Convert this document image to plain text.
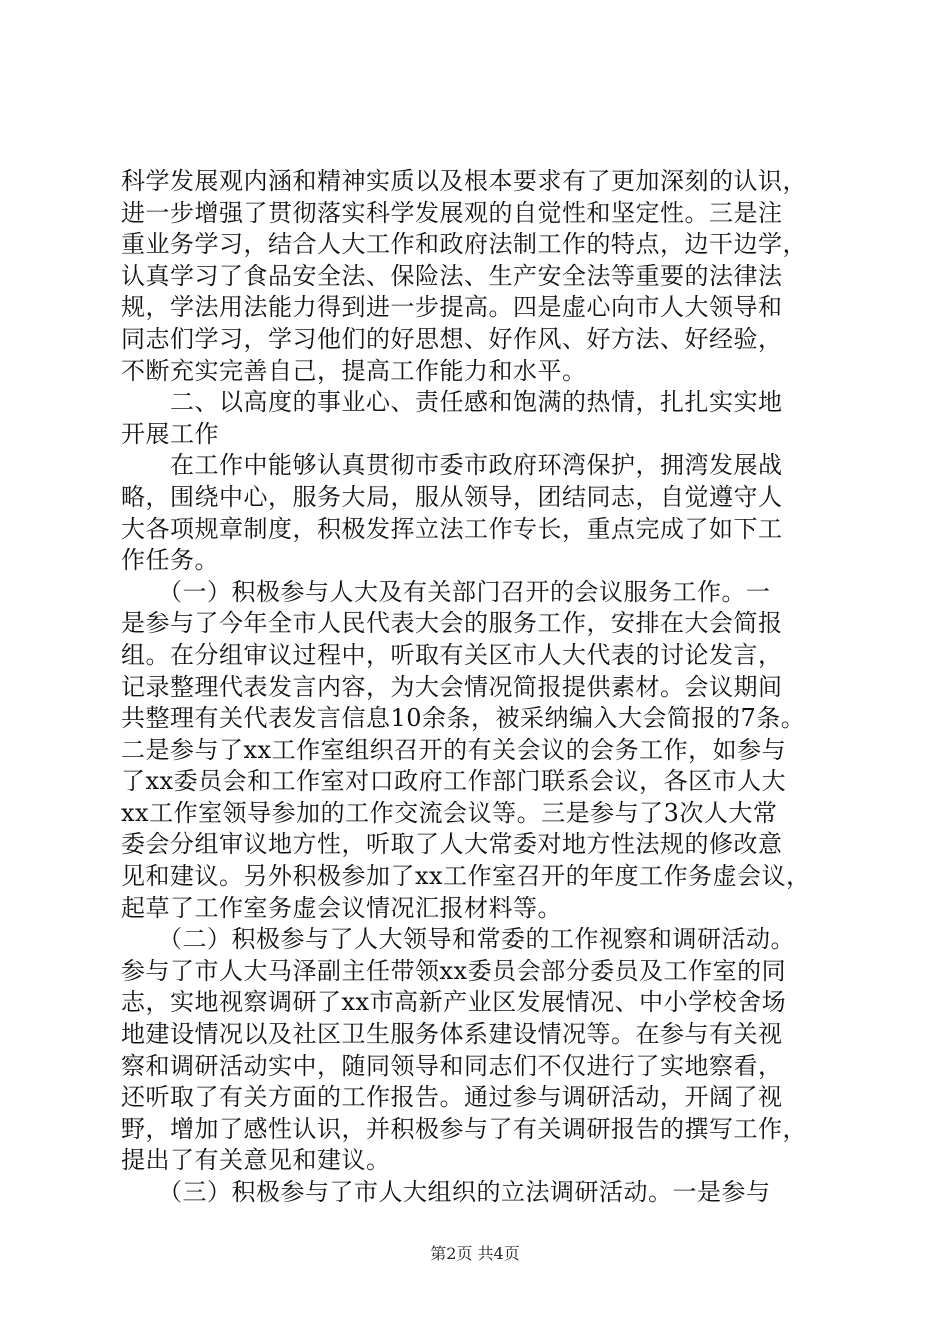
科学发展观内涵和精神实质以及根本要求有了更加深刻的认识，
进一步增强了贯彻落实科学发展观的自觉性和坚定性。三是注
重业务学习，结合人大工作和政府法制工作的特点，边干边学，
认真学习了食品安全法、保险法、生产安全法等重要的法律法
规，学法用法能力得到进一步提高。四是虚心向市人大领导和
同志们学习，学习他们的好思想、好作风、好方法、好经验，
不断充实完善自己，提高工作能力和水平。
　　二、以高度的事业心、责任感和饱满的热情，扎扎实实地
开展工作
　　在工作中能够认真贯彻市委市政府环湾保护，拥湾发展战
略，围绕中心，服务大局，服从领导，团结同志，自觉遵守人
大各项规章制度，积极发挥立法工作专长，重点完成了如下工
作任务。
　　（一）积极参与人大及有关部门召开的会议服务工作。一
是参与了今年全市人民代表大会的服务工作，安排在大会简报
组。在分组审议过程中，听取有关区市人大代表的讨论发言，
记录整理代表发言内容，为大会情况简报提供素材。会议期间
共整理有关代表发言信息10余条，被采纳编入大会简报的7条。
二是参与了xx工作室组织召开的有关会议的会务工作，如参与
了xx委员会和工作室对口政府工作部门联系会议，各区市人大
xx工作室领导参加的工作交流会议等。三是参与了3次人大常
委会分组审议地方性，听取了人大常委对地方性法规的修改意
见和建议。另外积极参加了xx工作室召开的年度工作务虚会议，
起草了工作室务虚会议情况汇报材料等。
　　（二）积极参与了人大领导和常委的工作视察和调研活动。
参与了市人大马泽副主任带领xx委员会部分委员及工作室的同
志，实地视察调研了xx市高新产业区发展情况、中小学校舍场
地建设情况以及社区卫生服务体系建设情况等。在参与有关视
察和调研活动实中，随同领导和同志们不仅进行了实地察看，
还听取了有关方面的工作报告。通过参与调研活动，开阔了视
野，增加了感性认识，并积极参与了有关调研报告的撰写工作，
提出了有关意见和建议。
　　（三）积极参与了市人大组织的立法调研活动。一是参与
第2页 共4页
